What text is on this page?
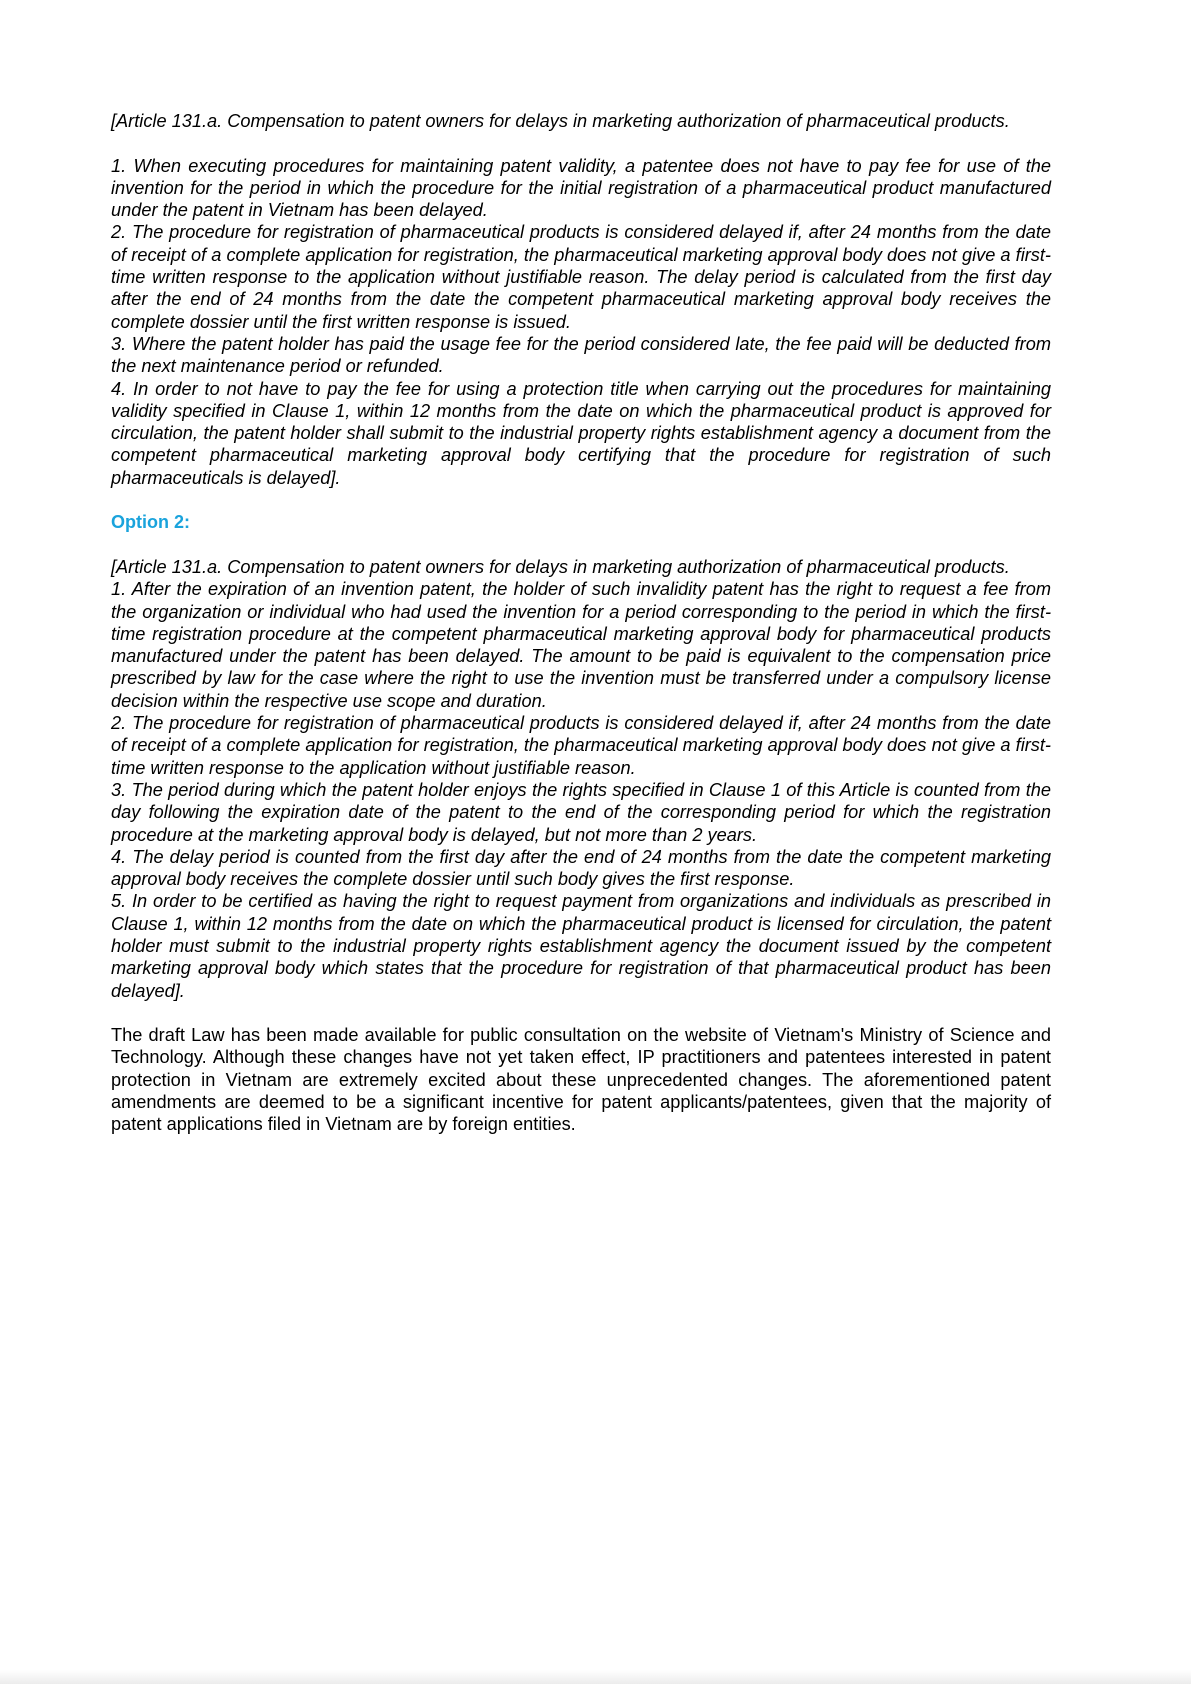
[Article 131.a. Compensation to patent owners for delays in marketing authorization of pharmaceutical products.

1. When executing procedures for maintaining patent validity, a patentee does not have to pay fee for use of the invention for the period in which the procedure for the initial registration of a pharmaceutical product manufactured under the patent in Vietnam has been delayed.

2. The procedure for registration of pharmaceutical products is considered delayed if, after 24 months from the date of receipt of a complete application for registration, the pharmaceutical marketing approval body does not give a first-time written response to the application without justifiable reason. The delay period is calculated from the first day after the end of 24 months from the date the competent pharmaceutical marketing approval body receives the complete dossier until the first written response is issued.

3. Where the patent holder has paid the usage fee for the period considered late, the fee paid will be deducted from the next maintenance period or refunded.

4. In order to not have to pay the fee for using a protection title when carrying out the procedures for maintaining validity specified in Clause 1, within 12 months from the date on which the pharmaceutical product is approved for circulation, the patent holder shall submit to the industrial property rights establishment agency a document from the competent pharmaceutical marketing approval body certifying that the procedure for registration of such pharmaceuticals is delayed].

Option 2:

[Article 131.a. Compensation to patent owners for delays in marketing authorization of pharmaceutical products.

1. After the expiration of an invention patent, the holder of such invalidity patent has the right to request a fee from the organization or individual who had used the invention for a period corresponding to the period in which the first-time registration procedure at the competent pharmaceutical marketing approval body for pharmaceutical products manufactured under the patent has been delayed. The amount to be paid is equivalent to the compensation price prescribed by law for the case where the right to use the invention must be transferred under a compulsory license decision within the respective use scope and duration.

2. The procedure for registration of pharmaceutical products is considered delayed if, after 24 months from the date of receipt of a complete application for registration, the pharmaceutical marketing approval body does not give a first-time written response to the application without justifiable reason.

3. The period during which the patent holder enjoys the rights specified in Clause 1 of this Article is counted from the day following the expiration date of the patent to the end of the corresponding period for which the registration procedure at the marketing approval body is delayed, but not more than 2 years.

4. The delay period is counted from the first day after the end of 24 months from the date the competent marketing approval body receives the complete dossier until such body gives the first response.

5. In order to be certified as having the right to request payment from organizations and individuals as prescribed in Clause 1, within 12 months from the date on which the pharmaceutical product is licensed for circulation, the patent holder must submit to the industrial property rights establishment agency the document issued by the competent marketing approval body which states that the procedure for registration of that pharmaceutical product has been delayed].

The draft Law has been made available for public consultation on the website of Vietnam's Ministry of Science and Technology. Although these changes have not yet taken effect, IP practitioners and patentees interested in patent protection in Vietnam are extremely excited about these unprecedented changes. The aforementioned patent amendments are deemed to be a significant incentive for patent applicants/patentees, given that the majority of patent applications filed in Vietnam are by foreign entities.
